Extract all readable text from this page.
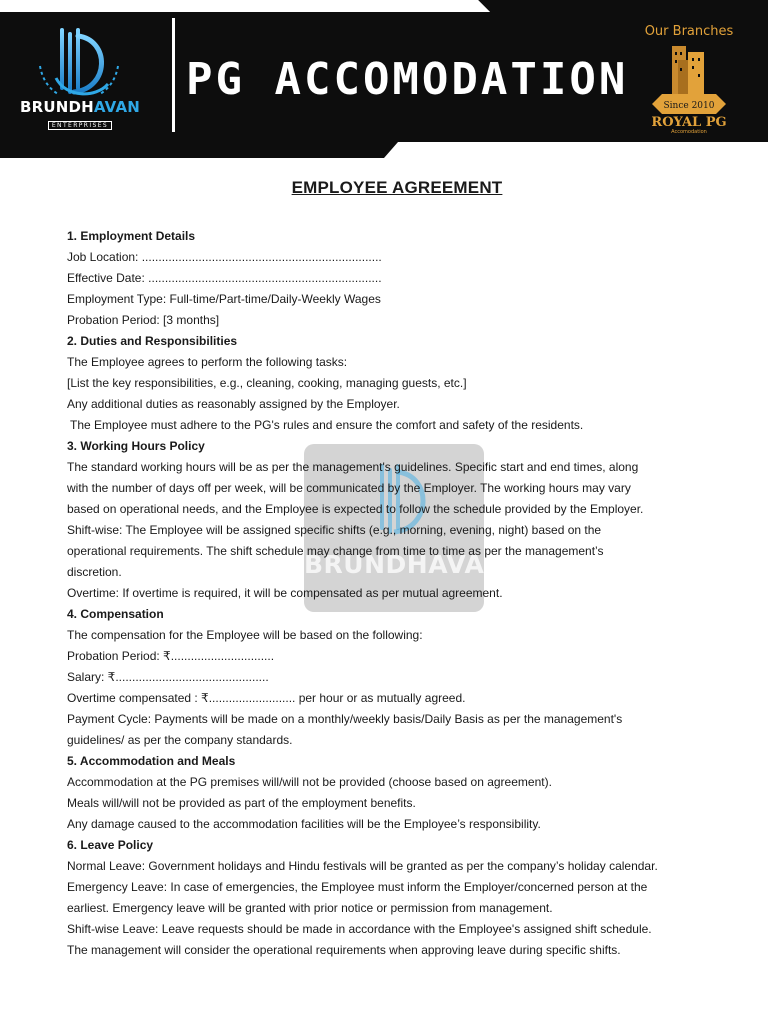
BRUNDHAVAN
ENTERPRISES
PG ACCOMODATION
Our Branches
Since 2010
ROYAL PG
Accomodation
BRUNDHAVAN
EMPLOYEE AGREEMENT

1. Employment Details

Job Location: ........................................................................

Effective Date: ......................................................................

Employment Type: Full-time/Part-time/Daily-Weekly Wages

Probation Period: [3 months]

2. Duties and Responsibilities

The Employee agrees to perform the following tasks:

[List the key responsibilities, e.g., cleaning, cooking, managing guests, etc.]

Any additional duties as reasonably assigned by the Employer.

The Employee must adhere to the PG's rules and ensure the comfort and safety of the residents.

3. Working Hours Policy

The standard working hours will be as per the management's guidelines. Specific start and end times, along

with the number of days off per week, will be communicated by the Employer. The working hours may vary

based on operational needs, and the Employee is expected to follow the schedule provided by the Employer.

Shift-wise: The Employee will be assigned specific shifts (e.g., morning, evening, night) based on the

operational requirements. The shift schedule may change from time to time as per the management’s

discretion.

Overtime: If overtime is required, it will be compensated as per mutual agreement.

4. Compensation

The compensation for the Employee will be based on the following:

Probation Period: ₹...............................

Salary: ₹..............................................

Overtime compensated : ₹.......................... per hour or as mutually agreed.

Payment Cycle: Payments will be made on a monthly/weekly basis/Daily Basis as per the management's

guidelines/ as per the company standards.

5. Accommodation and Meals

Accommodation at the PG premises will/will not be provided (choose based on agreement).

Meals will/will not be provided as part of the employment benefits.

Any damage caused to the accommodation facilities will be the Employee’s responsibility.

6. Leave Policy

Normal Leave: Government holidays and Hindu festivals will be granted as per the company’s holiday calendar.

Emergency Leave: In case of emergencies, the Employee must inform the Employer/concerned person at the

earliest. Emergency leave will be granted with prior notice or permission from management.

Shift-wise Leave: Leave requests should be made in accordance with the Employee's assigned shift schedule.

The management will consider the operational requirements when approving leave during specific shifts.
